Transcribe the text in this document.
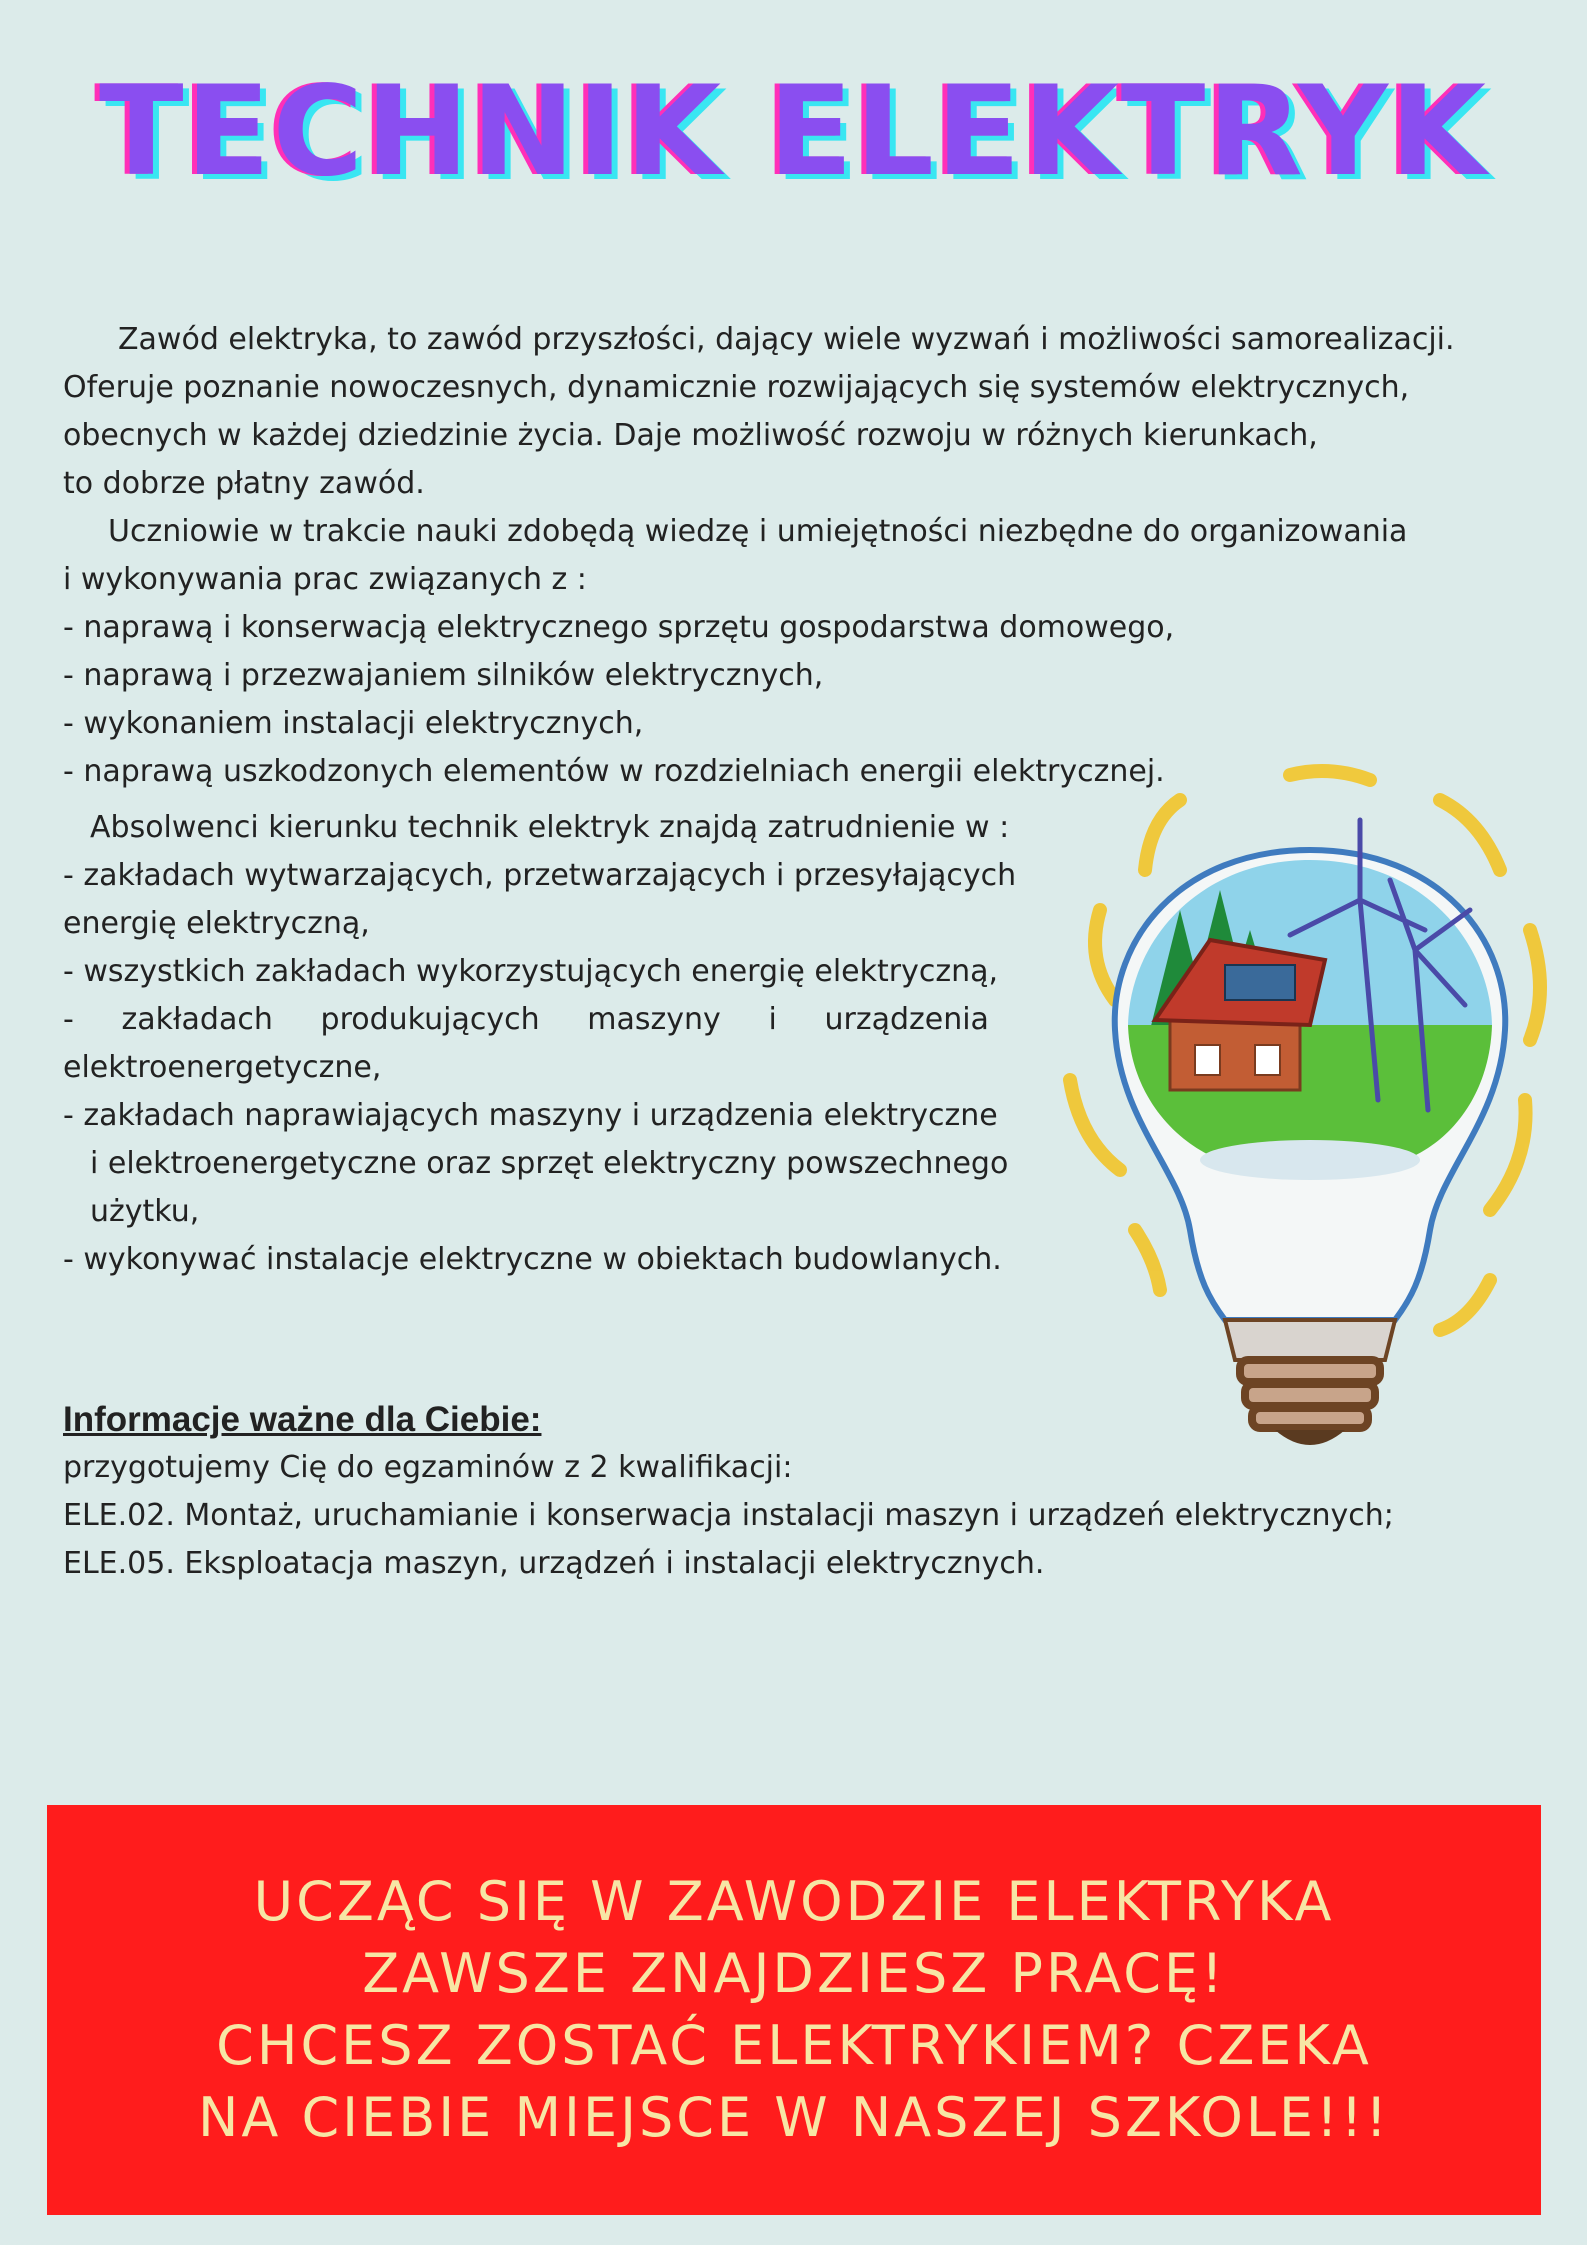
TECHNIK ELEKTRYK
Zawód elektryka, to zawód przyszłości, dający wiele wyzwań i możliwości samorealizacji.
Oferuje poznanie nowoczesnych, dynamicznie rozwijających się systemów elektrycznych,
obecnych w każdej dziedzinie życia. Daje możliwość rozwoju w różnych kierunkach,
to dobrze płatny zawód.
Uczniowie w trakcie nauki zdobędą wiedzę i umiejętności niezbędne do organizowania
i wykonywania prac związanych z :
- naprawą i konserwacją elektrycznego sprzętu gospodarstwa domowego,
- naprawą i przezwajaniem silników elektrycznych,
- wykonaniem instalacji elektrycznych,
- naprawą uszkodzonych elementów w rozdzielniach energii elektrycznej.
Absolwenci kierunku technik elektryk znajdą zatrudnienie w :
- zakładach wytwarzających, przetwarzających i przesyłających
energię elektryczną,
- wszystkich zakładach wykorzystujących energię elektryczną,
-     zakładach     produkujących     maszyny     i     urządzenia
elektroenergetyczne,
- zakładach naprawiających maszyny i urządzenia elektryczne
i elektroenergetyczne oraz sprzęt elektryczny powszechnego
użytku,
- wykonywać instalacje elektryczne w obiektach budowlanych.
Informacje ważne dla Ciebie:
przygotujemy Cię do egzaminów z 2 kwalifikacji:
ELE.02. Montaż, uruchamianie i konserwacja instalacji maszyn i urządzeń elektrycznych;
ELE.05. Eksploatacja maszyn, urządzeń i instalacji elektrycznych.
UCZĄC SIĘ W ZAWODZIE ELEKTRYKA
ZAWSZE ZNAJDZIESZ PRACĘ!
CHCESZ ZOSTAĆ ELEKTRYKIEM? CZEKA
NA CIEBIE MIEJSCE W NASZEJ SZKOLE!!!
